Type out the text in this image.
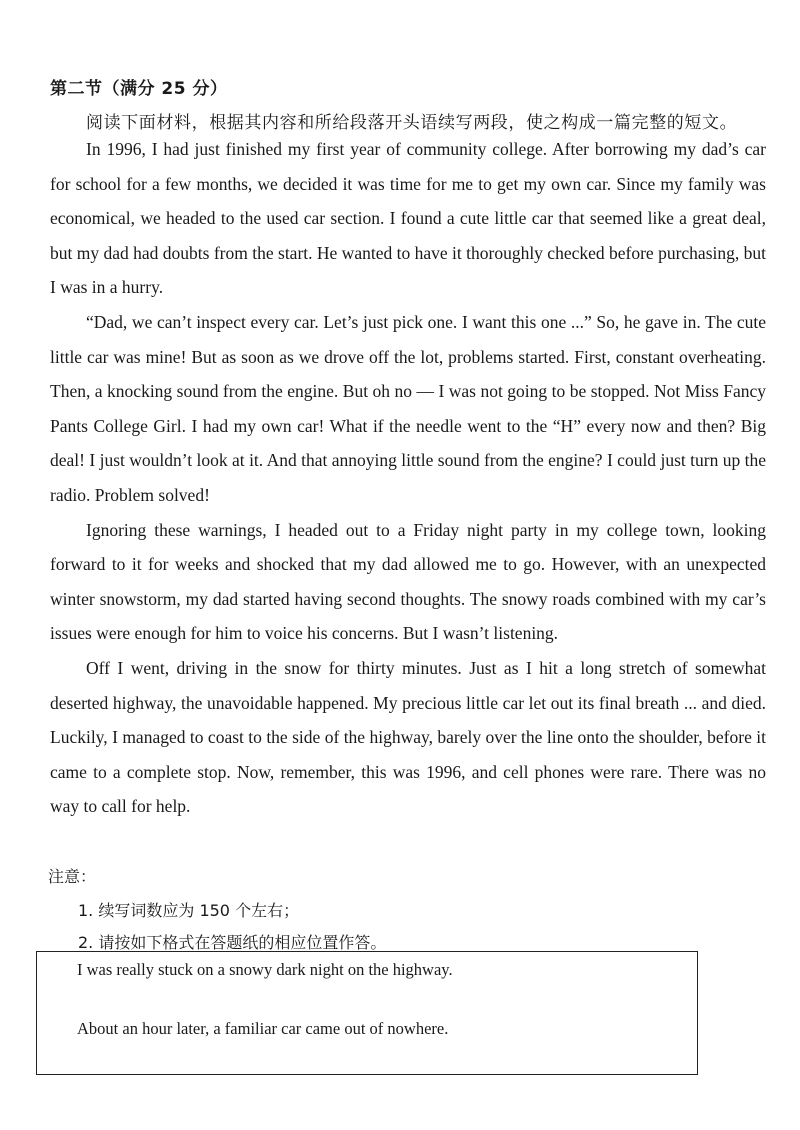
第二节（满分 25 分）
阅读下面材料，根据其内容和所给段落开头语续写两段，使之构成一篇完整的短文。

In 1996, I had just finished my first year of community college. After borrowing my dad’s car for school for a few months, we decided it was time for me to get my own car. Since my family was economical, we headed to the used car section. I found a cute little car that seemed like a great deal, but my dad had doubts from the start. He wanted to have it thoroughly checked before purchasing, but I was in a hurry.

“Dad, we can’t inspect every car. Let’s just pick one. I want this one ...” So, he gave in. The cute little car was mine! But as soon as we drove off the lot, problems started. First, constant overheating. Then, a knocking sound from the engine. But oh no — I was not going to be stopped. Not Miss Fancy Pants College Girl. I had my own car! What if the needle went to the “H” every now and then? Big deal! I just wouldn’t look at it. And that annoying little sound from the engine? I could just turn up the radio. Problem solved!

Ignoring these warnings, I headed out to a Friday night party in my college town, looking forward to it for weeks and shocked that my dad allowed me to go. However, with an unexpected winter snowstorm, my dad started having second thoughts. The snowy roads combined with my car’s issues were enough for him to voice his concerns. But I wasn’t listening.

Off I went, driving in the snow for thirty minutes. Just as I hit a long stretch of somewhat deserted highway, the unavoidable happened. My precious little car let out its final breath ... and died. Luckily, I managed to coast to the side of the highway, barely over the line onto the shoulder, before it came to a complete stop. Now, remember, this was 1996, and cell phones were rare. There was no way to call for help.

注意：
1. 续写词数应为 150 个左右；
2. 请按如下格式在答题纸的相应位置作答。
I was really stuck on a snowy dark night on the highway.
About an hour later, a familiar car came out of nowhere.
